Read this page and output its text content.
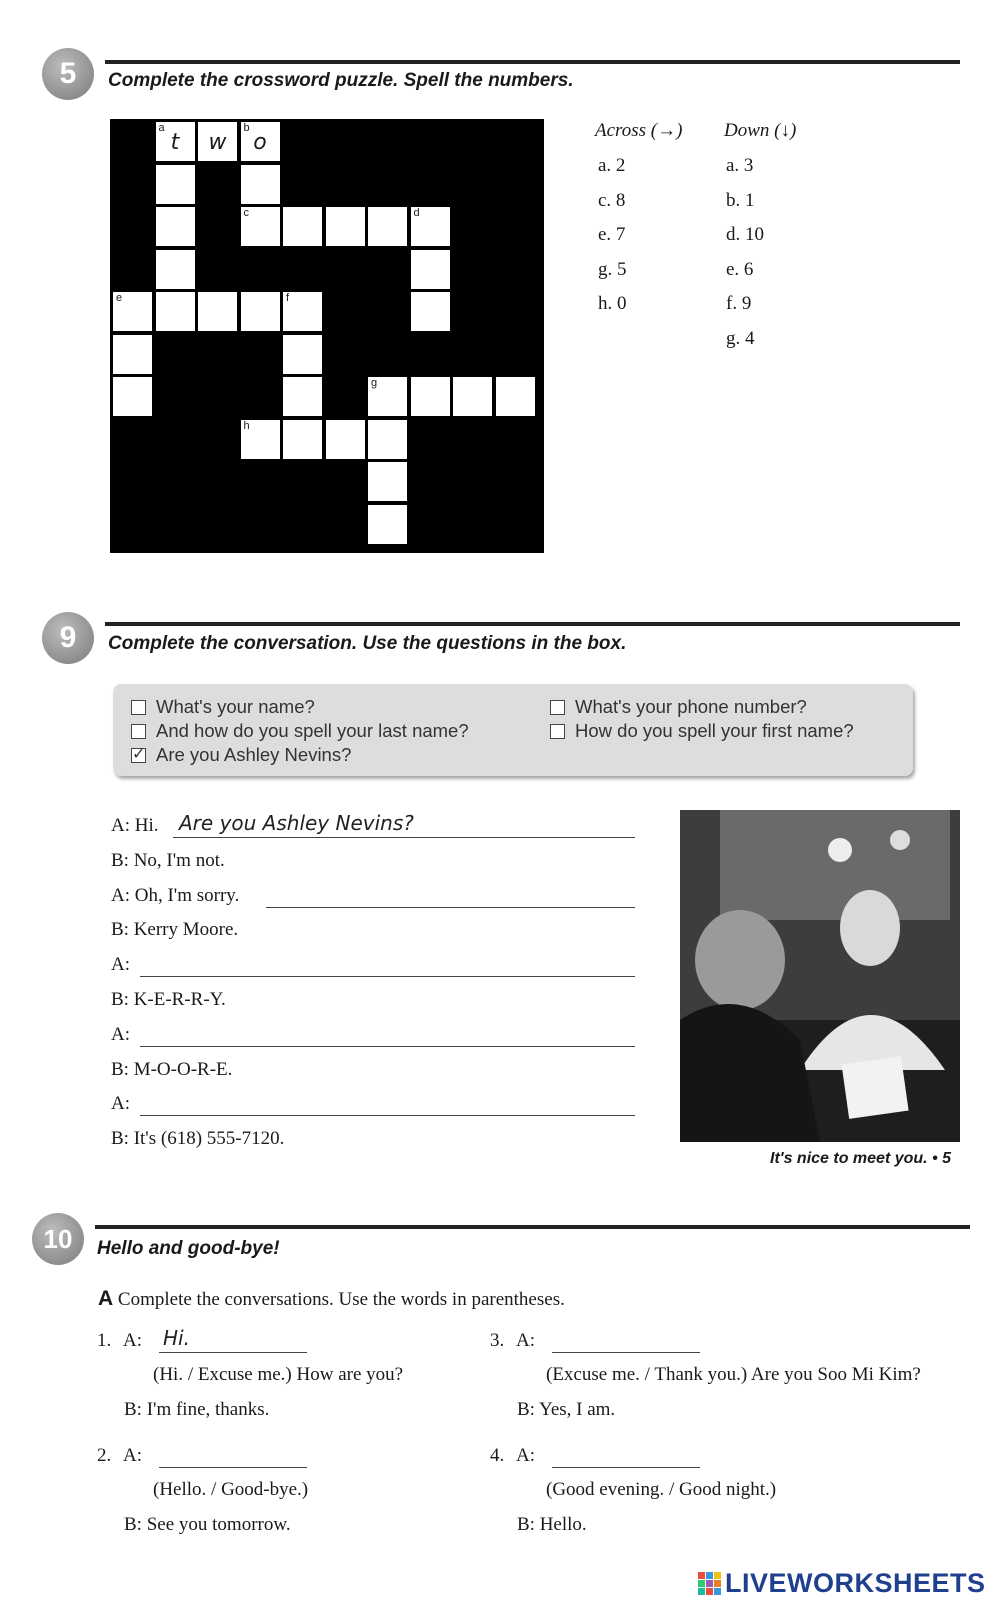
5	Complete the crossword puzzle. Spell the numbers.
a
t	w
b
o
c	d
e	f
g
h
Across (→) Down (↓)
a. 2
c. 8
e. 7
g. 5
h. 0
a. 3
b. 1
d. 10
e. 6
f. 9
g. 4
9	Complete the conversation. Use the questions in the box.
What's your name?
And how do you spell your last name?
✓ Are you Ashley Nevins?
What's your phone number?
How do you spell your first name?
A: Hi. Are you Ashley Nevins?
B: No, I'm not.
A: Oh, I'm sorry.
B: Kerry Moore.
A:
B: K-E-R-R-Y.
A:
B: M-O-O-R-E.
A:
B: It's (618) 555-7120.
It's nice to meet you. • 5
10	Hello and good-bye!
A Complete the conversations. Use the words in parentheses.
1. A: Hi.
(Hi. / Excuse me.) How are you?
B: I'm fine, thanks.
3. A:
(Excuse me. / Thank you.) Are you Soo Mi Kim?
B: Yes, I am.
2. A:
(Hello. / Good-bye.)
B: See you tomorrow.
4. A:
(Good evening. / Good night.)
B: Hello.
LIVEWORKSHEETS
